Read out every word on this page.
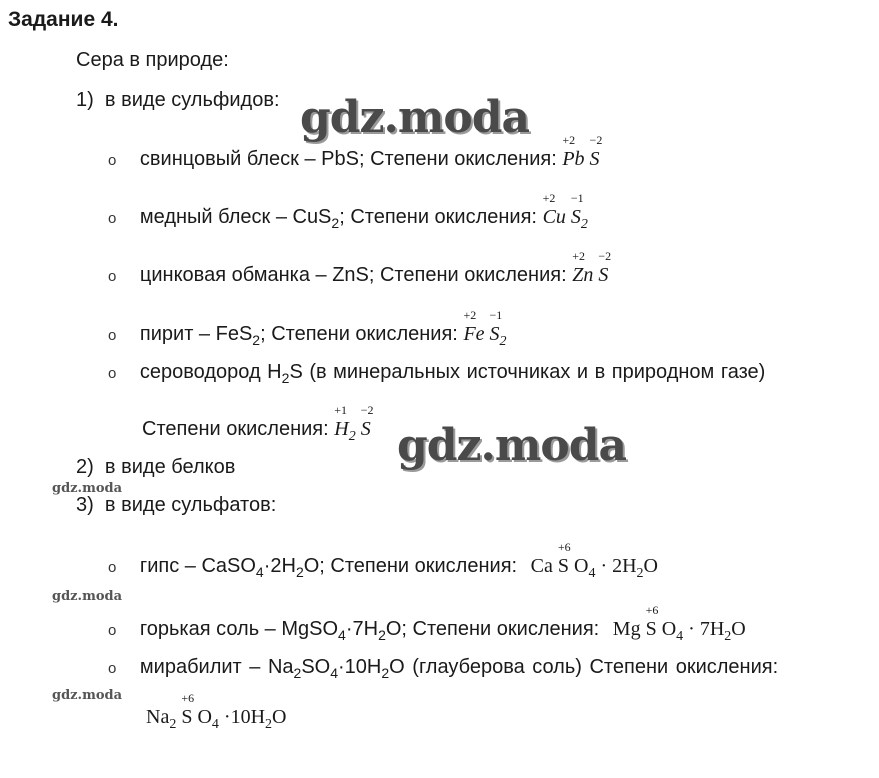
Задание 4.
Сера в природе:
1) в виде сульфидов:
o свинцовый блеск – PbS; Степени окисления:
+2
Pb
−2
S
o медный блеск – CuS$_2$; Степени окисления:
+2
Cu
−1
$S_2$
o цинковая обманка – ZnS; Степени окисления:
+2
Zn
−2
S
o пирит – FeS$_2$; Степени окисления:
+2
Fe
−1
$S_2$
o сероводород $H_2S$ (в минеральных источниках и в природном газе)
Степени окисления:
+1
$H_2$
−2
S
2) в виде белков
3) в виде сульфатов:
o гипс – $CaSO_4\cdot 2H_2O$; Степени окисления: Ca
+6
S $O_4 \cdot 2H_2O$
o горькая соль – $MgSO_4\cdot 7H_2O$; Степени окисления: Mg
+6
S $O_4 \cdot 7H_2O$
o мирабилит – $Na_2SO_4\cdot 10H_2O$ (глауберова соль) Степени окисления:
$Na_2$
+6
S $O_4 \cdot 10H_2O$
gdz.moda
gdz.moda
gdz.moda
gdz.moda
gdz.moda
